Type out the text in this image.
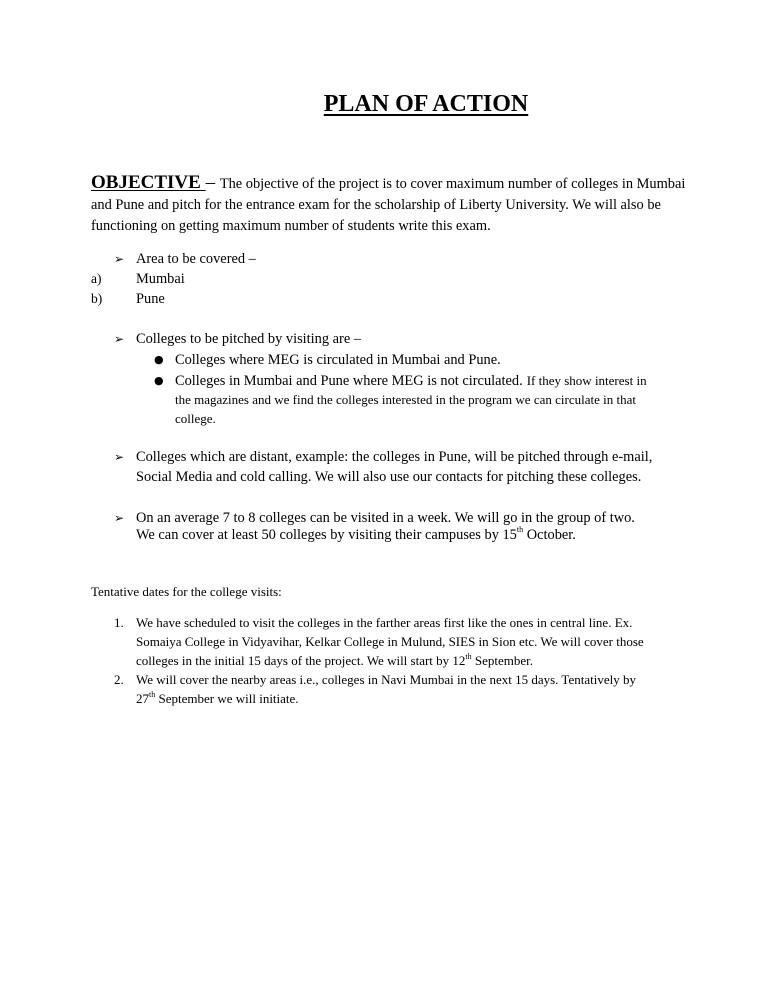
PLAN OF ACTION
OBJECTIVE – The objective of the project is to cover maximum number of colleges in Mumbai and Pune and pitch for the entrance exam for the scholarship of Liberty University. We will also be functioning on getting maximum number of students write this exam.
➢ Area to be covered –
a) Mumbai
b) Pune
➢ Colleges to be pitched by visiting are –
● Colleges where MEG is circulated in Mumbai and Pune.
● Colleges in Mumbai and Pune where MEG is not circulated. If they show interest in
the magazines and we find the colleges interested in the program we can circulate in that
college.
➢ Colleges which are distant, example: the colleges in Pune, will be pitched through e-mail,
Social Media and cold calling. We will also use our contacts for pitching these colleges.
➢ On an average 7 to 8 colleges can be visited in a week. We will go in the group of two.
We can cover at least 50 colleges by visiting their campuses by 15th October.
Tentative dates for the college visits:
1. We have scheduled to visit the colleges in the farther areas first like the ones in central line. Ex.
Somaiya College in Vidyavihar, Kelkar College in Mulund, SIES in Sion etc. We will cover those
colleges in the initial 15 days of the project. We will start by 12th September.
2. We will cover the nearby areas i.e., colleges in Navi Mumbai in the next 15 days. Tentatively by
27th September we will initiate.
